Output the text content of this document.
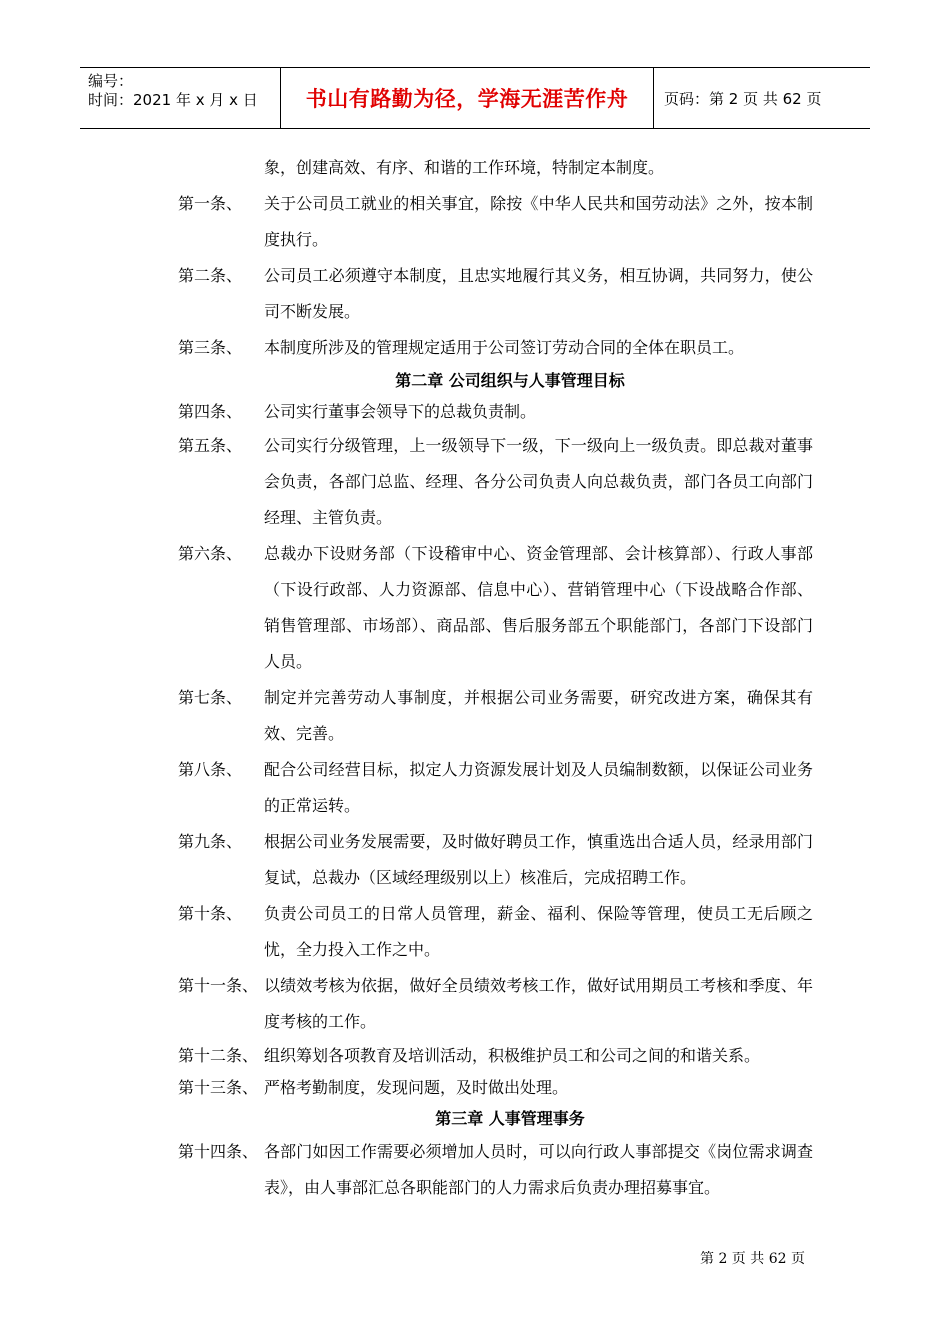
编号：
时间：2021 年 x 月 x 日	书山有路勤为径，学海无涯苦作舟	页码：第 2 页 共 62 页
象，创建高效、有序、和谐的工作环境，特制定本制度。
第一条、	关于公司员工就业的相关事宜，除按《中华人民共和国劳动法》之外，按本制度执行。
第二条、	公司员工必须遵守本制度，且忠实地履行其义务，相互协调，共同努力，使公司不断发展。
第三条、	本制度所涉及的管理规定适用于公司签订劳动合同的全体在职员工。
第二章 公司组织与人事管理目标
第四条、	公司实行董事会领导下的总裁负责制。
第五条、	公司实行分级管理，上一级领导下一级，下一级向上一级负责。即总裁对董事会负责，各部门总监、经理、各分公司负责人向总裁负责，部门各员工向部门经理、主管负责。
第六条、	总裁办下设财务部（下设稽审中心、资金管理部、会计核算部）、行政人事部（下设行政部、人力资源部、信息中心）、营销管理中心（下设战略合作部、销售管理部、市场部）、商品部、售后服务部五个职能部门，各部门下设部门人员。
第七条、	制定并完善劳动人事制度，并根据公司业务需要，研究改进方案，确保其有效、完善。
第八条、	配合公司经营目标，拟定人力资源发展计划及人员编制数额，以保证公司业务的正常运转。
第九条、	根据公司业务发展需要，及时做好聘员工作，慎重选出合适人员，经录用部门复试，总裁办（区域经理级别以上）核准后，完成招聘工作。
第十条、	负责公司员工的日常人员管理，薪金、福利、保险等管理，使员工无后顾之忧，全力投入工作之中。
第十一条、 以绩效考核为依据，做好全员绩效考核工作，做好试用期员工考核和季度、年度考核的工作。
第十二条、 组织筹划各项教育及培训活动，积极维护员工和公司之间的和谐关系。
第十三条、 严格考勤制度，发现问题，及时做出处理。
第三章 人事管理事务
第十四条、 各部门如因工作需要必须增加人员时，可以向行政人事部提交《岗位需求调查表》，由人事部汇总各职能部门的人力需求后负责办理招募事宜。
第 2 页 共 62 页
